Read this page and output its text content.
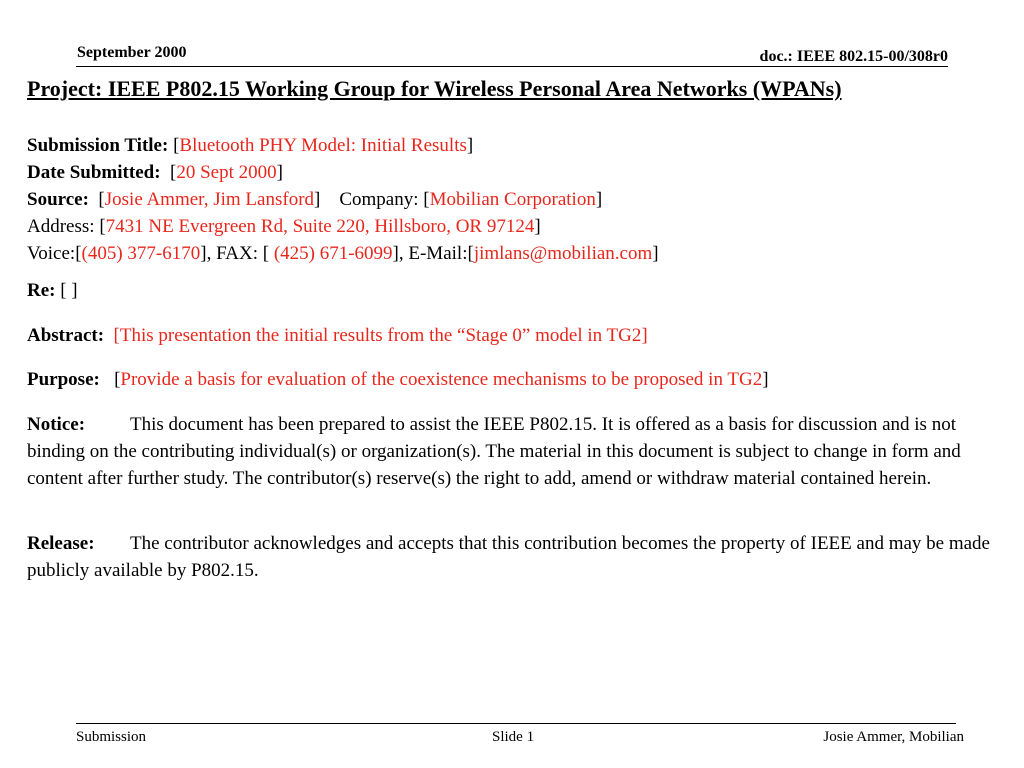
September 2000	doc.: IEEE 802.15-00/308r0
Project: IEEE P802.15 Working Group for Wireless Personal Area Networks (WPANs)
Submission Title: [Bluetooth PHY Model: Initial Results]
Date Submitted:  [20 Sept 2000]
Source:  [Josie Ammer, Jim Lansford]    Company: [Mobilian Corporation]
Address: [7431 NE Evergreen Rd, Suite 220, Hillsboro, OR 97124]
Voice:[(405) 377-6170], FAX: [ (425) 671-6099], E-Mail:[jimlans@mobilian.com]
Re: [ ]
Abstract: [This presentation the initial results from the “Stage 0” model in TG2]
Purpose:   [Provide a basis for evaluation of the coexistence mechanisms to be proposed in TG2]
Notice: This document has been prepared to assist the IEEE P802.15. It is offered as a basis for discussion and is not binding on the contributing individual(s) or organization(s). The material in this document is subject to change in form and content after further study. The contributor(s) reserve(s) the right to add, amend or withdraw material contained herein.
Release: The contributor acknowledges and accepts that this contribution becomes the property of IEEE and may be made publicly available by P802.15.
Submission	Slide 1	Josie Ammer, Mobilian
